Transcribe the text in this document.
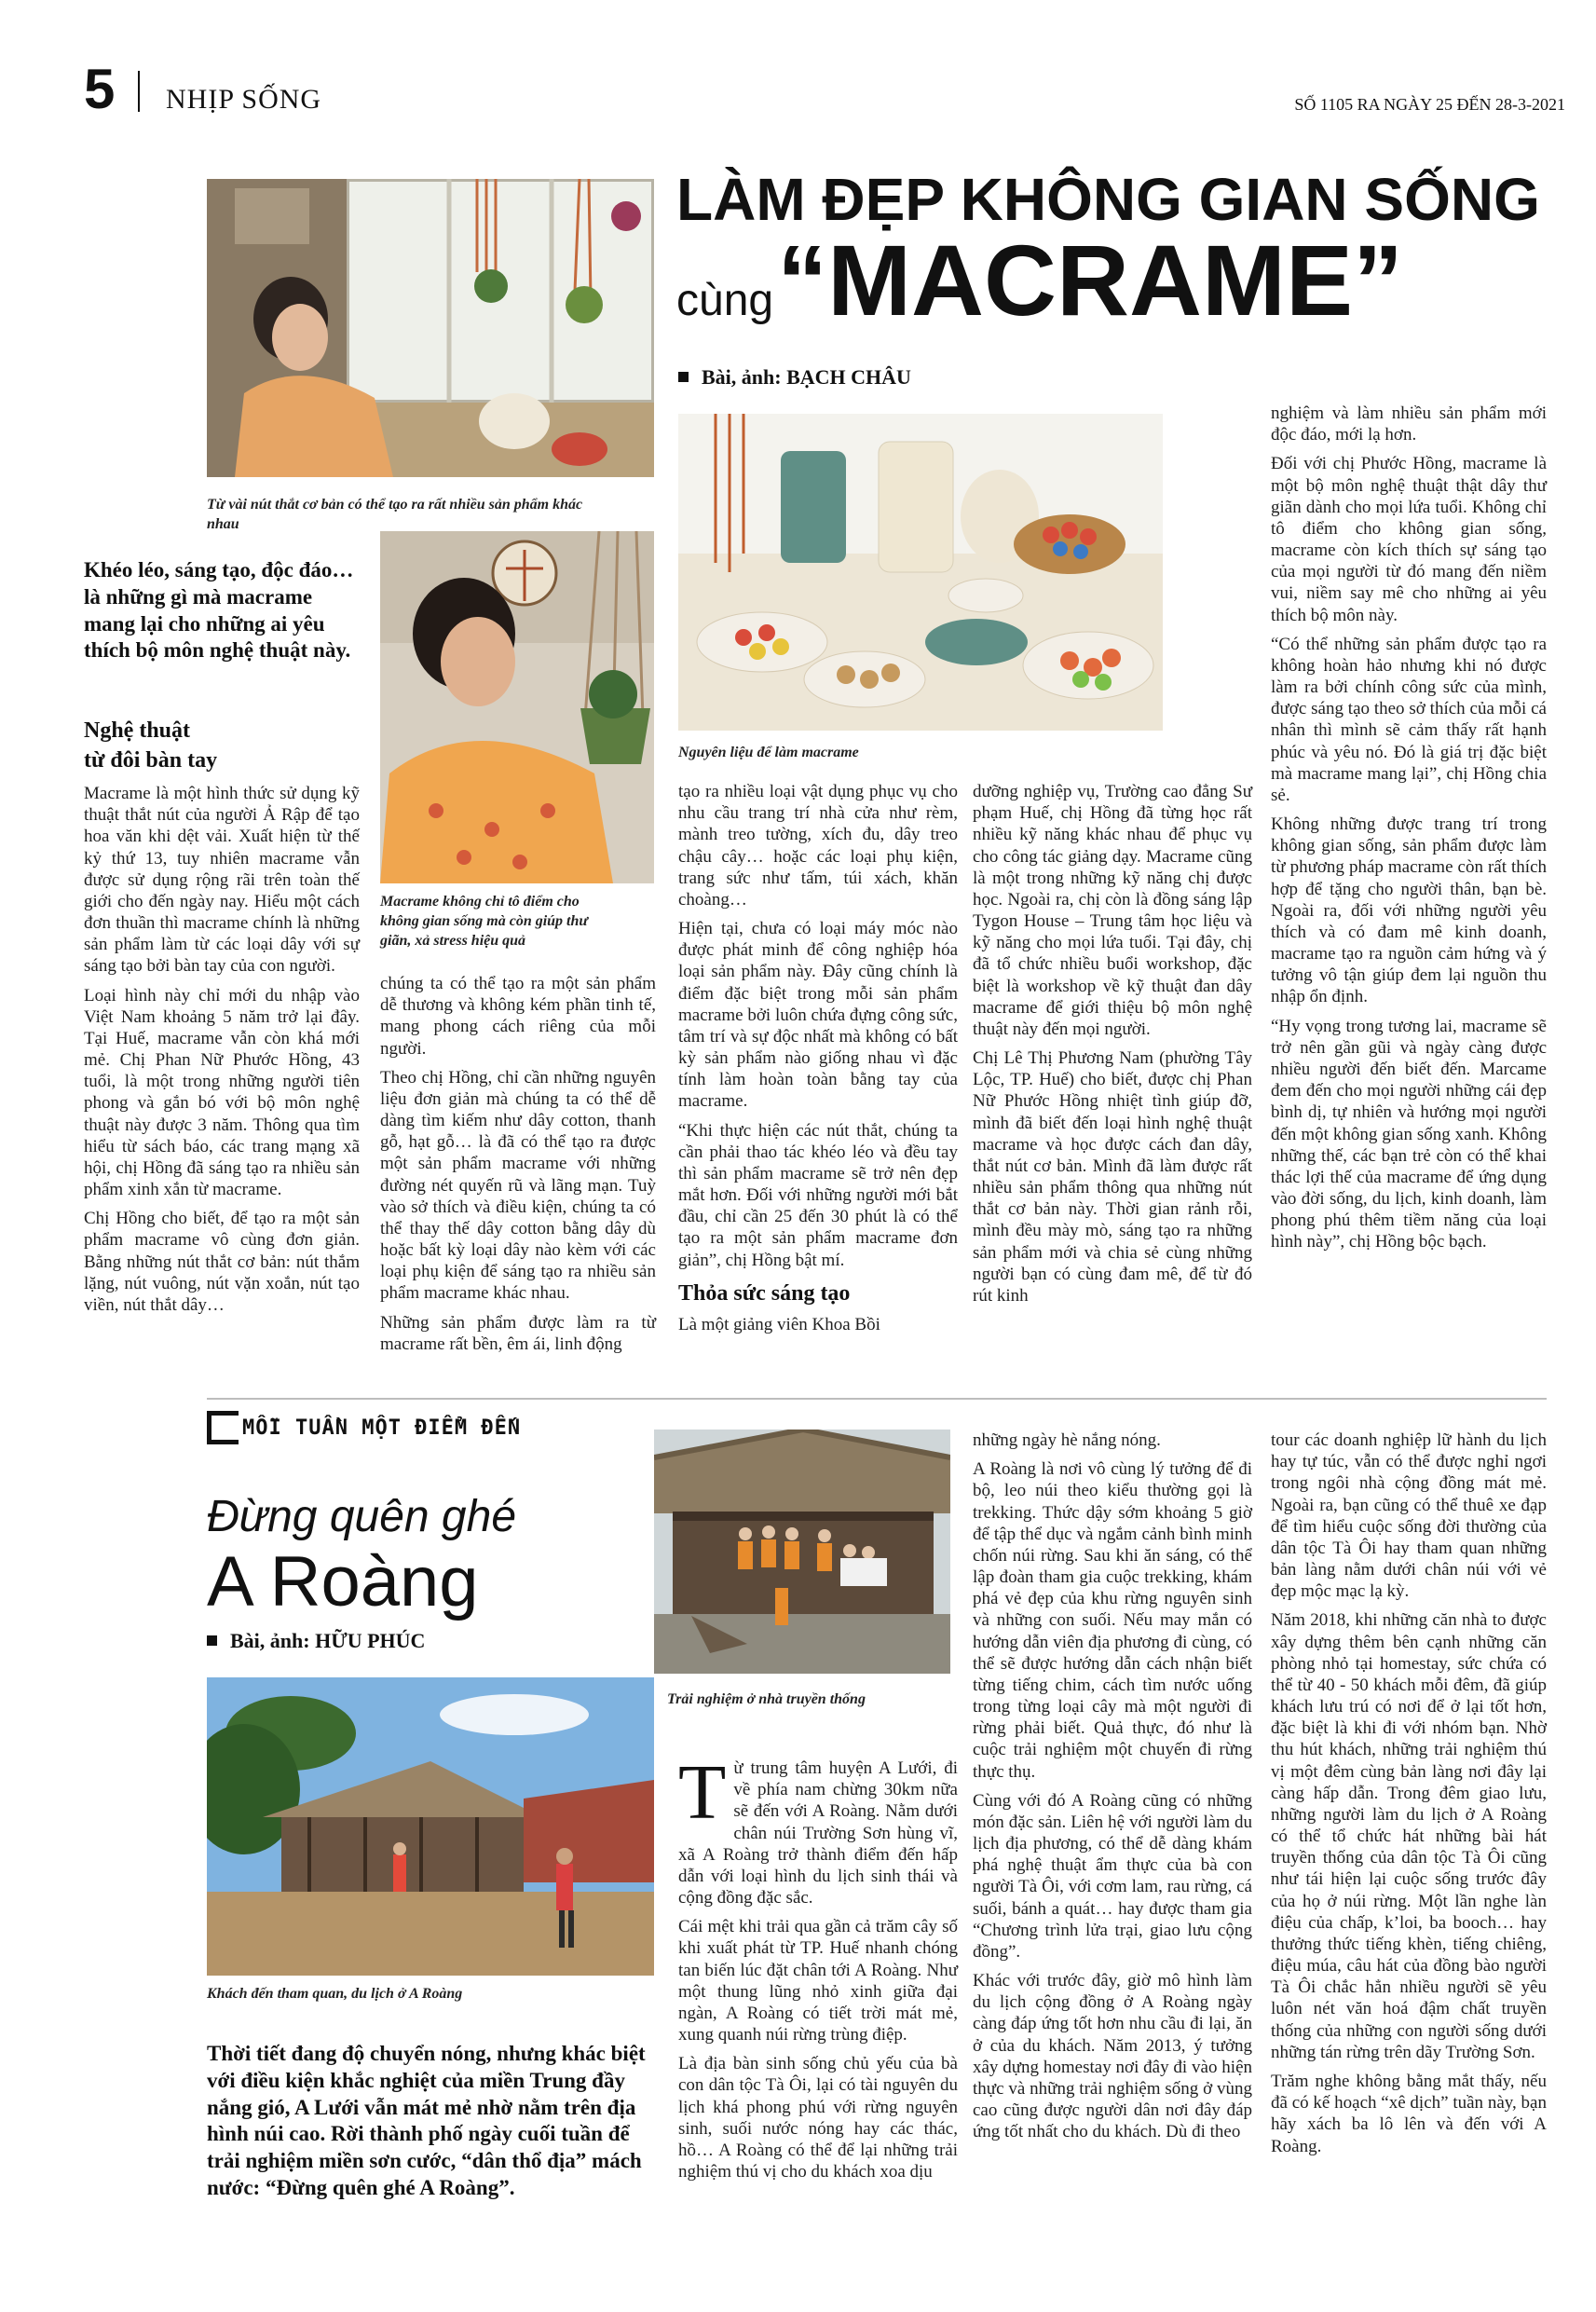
5 NHỊP SỐNG	SỐ 1105 RA NGÀY 25 ĐẾN 28-3-2021
LÀM ĐẸP KHÔNG GIAN SỐNG
cùng “MACRAME”
Bài, ảnh: BẠCH CHÂU
Từ vài nút thắt cơ bản có thể tạo ra rất nhiều sản phẩm khác nhau
Khéo léo, sáng tạo, độc đáo… là những gì mà macrame mang lại cho những ai yêu thích bộ môn nghệ thuật này.
Macrame không chỉ tô điểm cho không gian sống mà còn giúp thư giãn, xả stress hiệu quả
Nghệ thuật
từ đôi bàn tay

Macrame là một hình thức sử dụng kỹ thuật thắt nút của người Ả Rập để tạo hoa văn khi dệt vải. Xuất hiện từ thế kỷ thứ 13, tuy nhiên macrame vẫn được sử dụng rộng rãi trên toàn thế giới cho đến ngày nay. Hiểu một cách đơn thuần thì macrame chính là những sản phẩm làm từ các loại dây với sự sáng tạo bởi bàn tay của con người.

Loại hình này chỉ mới du nhập vào Việt Nam khoảng 5 năm trở lại đây. Tại Huế, macrame vẫn còn khá mới mẻ. Chị Phan Nữ Phước Hồng, 43 tuổi, là một trong những người tiên phong và gắn bó với bộ môn nghệ thuật này được 3 năm. Thông qua tìm hiểu từ sách báo, các trang mạng xã hội, chị Hồng đã sáng tạo ra nhiều sản phẩm xinh xắn từ macrame.

Chị Hồng cho biết, để tạo ra một sản phẩm macrame vô cùng đơn giản. Bằng những nút thắt cơ bản: nút thắm lặng, nút vuông, nút vặn xoắn, nút tạo viền, nút thắt dây…

chúng ta có thể tạo ra một sản phẩm dễ thương và không kém phần tinh tế, mang phong cách riêng của mỗi người.

Theo chị Hồng, chỉ cần những nguyên liệu đơn giản mà chúng ta có thể dễ dàng tìm kiếm như dây cotton, thanh gỗ, hạt gỗ… là đã có thể tạo ra được một sản phẩm macrame với những đường nét quyến rũ và lãng mạn. Tuỳ vào sở thích và điều kiện, chúng ta có thể thay thế dây cotton bằng dây dù hoặc bất kỳ loại dây nào kèm với các loại phụ kiện để sáng tạo ra nhiều sản phẩm macrame khác nhau.

Những sản phẩm được làm ra từ macrame rất bền, êm ái, linh động

Nguyên liệu để làm macrame

tạo ra nhiều loại vật dụng phục vụ cho nhu cầu trang trí nhà cửa như rèm, mành treo tường, xích đu, dây treo chậu cây… hoặc các loại phụ kiện, trang sức như tấm, túi xách, khăn choàng…

Hiện tại, chưa có loại máy móc nào được phát minh để công nghiệp hóa loại sản phẩm này. Đây cũng chính là điểm đặc biệt trong mỗi sản phẩm macrame bởi luôn chứa đựng công sức, tâm trí và sự độc nhất mà không có bất kỳ sản phẩm nào giống nhau vì đặc tính làm hoàn toàn bằng tay của macrame.

“Khi thực hiện các nút thắt, chúng ta cần phải thao tác khéo léo và đều tay thì sản phẩm macrame sẽ trở nên đẹp mắt hơn. Đối với những người mới bắt đầu, chỉ cần 25 đến 30 phút là có thể tạo ra một sản phẩm macrame đơn giản”, chị Hồng bật mí.

Thỏa sức sáng tạo

Là một giảng viên Khoa Bồi

dưỡng nghiệp vụ, Trường cao đẳng Sư phạm Huế, chị Hồng đã từng học rất nhiều kỹ năng khác nhau để phục vụ cho công tác giảng dạy. Macrame cũng là một trong những kỹ năng chị được học. Ngoài ra, chị còn là đồng sáng lập Tygon House – Trung tâm học liệu và kỹ năng cho mọi lứa tuổi. Tại đây, chị đã tổ chức nhiều buổi workshop, đặc biệt là workshop về kỹ thuật đan dây macrame để giới thiệu bộ môn nghệ thuật này đến mọi người.

Chị Lê Thị Phương Nam (phường Tây Lộc, TP. Huế) cho biết, được chị Phan Nữ Phước Hồng nhiệt tình giúp đỡ, mình đã biết đến loại hình nghệ thuật macrame và học được cách đan dây, thắt nút cơ bản. Mình đã làm được rất nhiều sản phẩm thông qua những nút thắt cơ bản này. Thời gian rảnh rỗi, mình đều mày mò, sáng tạo ra những sản phẩm mới và chia sẻ cùng những người bạn có cùng đam mê, để từ đó rút kinh

nghiệm và làm nhiều sản phẩm mới độc đáo, mới lạ hơn.

Đối với chị Phước Hồng, macrame là một bộ môn nghệ thuật thật dây thư giãn dành cho mọi lứa tuổi. Không chỉ tô điểm cho không gian sống, macrame còn kích thích sự sáng tạo của mọi người từ đó mang đến niềm vui, niềm say mê cho những ai yêu thích bộ môn này.

“Có thể những sản phẩm được tạo ra không hoàn hảo nhưng khi nó được làm ra bởi chính công sức của mình, được sáng tạo theo sở thích của mỗi cá nhân thì mình sẽ cảm thấy rất hạnh phúc và yêu nó. Đó là giá trị đặc biệt mà macrame mang lại”, chị Hồng chia sẻ.

Không những được trang trí trong không gian sống, sản phẩm được làm từ phương pháp macrame còn rất thích hợp để tặng cho người thân, bạn bè. Ngoài ra, đối với những người yêu thích và có đam mê kinh doanh, macrame tạo ra nguồn cảm hứng và ý tưởng vô tận giúp đem lại nguồn thu nhập ổn định.

“Hy vọng trong tương lai, macrame sẽ trở nên gần gũi và ngày càng được nhiều người đến biết đến. Marcame đem đến cho mọi người những cái đẹp bình dị, tự nhiên và hướng mọi người đến một không gian sống xanh. Không những thế, các bạn trẻ còn có thể khai thác lợi thế của macrame để ứng dụng vào đời sống, du lịch, kinh doanh, làm phong phú thêm tiềm năng của loại hình này”, chị Hồng bộc bạch.

MỖI TUẦN MỘT ĐIỂM ĐẾN
Đừng quên ghé
A Roàng
Bài, ảnh: HỮU PHÚC
Trải nghiệm ở nhà truyền thống
Khách đến tham quan, du lịch ở A Roàng
Thời tiết đang độ chuyển nóng, nhưng khác biệt với điều kiện khắc nghiệt của miền Trung đầy nắng gió, A Lưới vẫn mát mẻ nhờ nằm trên địa hình núi cao. Rời thành phố ngày cuối tuần để trải nghiệm miền sơn cước, “dân thổ địa” mách nước: “Đừng quên ghé A Roàng”.

Từ trung tâm huyện A Lưới, đi về phía nam chừng 30km nữa sẽ đến với A Roàng. Nằm dưới chân núi Trường Sơn hùng vĩ, xã A Roàng trở thành điểm đến hấp dẫn với loại hình du lịch sinh thái và cộng đồng đặc sắc.

Cái mệt khi trải qua gần cả trăm cây số khi xuất phát từ TP. Huế nhanh chóng tan biến lúc đặt chân tới A Roàng. Như một thung lũng nhỏ xinh giữa đại ngàn, A Roàng có tiết trời mát mẻ, xung quanh núi rừng trùng điệp.

Là địa bàn sinh sống chủ yếu của bà con dân tộc Tà Ôi, lại có tài nguyên du lịch khá phong phú với rừng nguyên sinh, suối nước nóng hay các thác, hồ… A Roàng có thể để lại những trải nghiệm thú vị cho du khách xoa dịu

những ngày hè nắng nóng.

A Roàng là nơi vô cùng lý tưởng để đi bộ, leo núi theo kiểu thường gọi là trekking. Thức dậy sớm khoảng 5 giờ để tập thể dục và ngắm cảnh bình minh chốn núi rừng. Sau khi ăn sáng, có thể lập đoàn tham gia cuộc trekking, khám phá vẻ đẹp của khu rừng nguyên sinh và những con suối. Nếu may mắn có hướng dẫn viên địa phương đi cùng, có thể sẽ được hướng dẫn cách nhận biết từng tiếng chim, cách tìm nước uống trong từng loại cây mà một người đi rừng phải biết. Quả thực, đó như là cuộc trải nghiệm một chuyến đi rừng thực thụ.

Cùng với đó A Roàng cũng có những món đặc sản. Liên hệ với người làm du lịch địa phương, có thể dễ dàng khám phá nghệ thuật ẩm thực của bà con người Tà Ôi, với cơm lam, rau rừng, cá suối, bánh a quát… hay được tham gia “Chương trình lửa trại, giao lưu cộng đồng”.

Khác với trước đây, giờ mô hình làm du lịch cộng đồng ở A Roàng ngày càng đáp ứng tốt hơn nhu cầu đi lại, ăn ở của du khách. Năm 2013, ý tưởng xây dựng homestay nơi đây đi vào hiện thực và những trải nghiệm sống ở vùng cao cũng được người dân nơi đây đáp ứng tốt nhất cho du khách. Dù đi theo

tour các doanh nghiệp lữ hành du lịch hay tự túc, vẫn có thể được nghỉ ngơi trong ngôi nhà cộng đồng mát mẻ. Ngoài ra, bạn cũng có thể thuê xe đạp để tìm hiểu cuộc sống đời thường của dân tộc Tà Ôi hay tham quan những bản làng nằm dưới chân núi với vẻ đẹp mộc mạc lạ kỳ.

Năm 2018, khi những căn nhà to được xây dựng thêm bên cạnh những căn phòng nhỏ tại homestay, sức chứa có thể từ 40 - 50 khách mỗi đêm, đã giúp khách lưu trú có nơi để ở lại tốt hơn, đặc biệt là khi đi với nhóm bạn. Nhờ thu hút khách, những trải nghiệm thú vị một đêm cùng bản làng nơi đây lại càng hấp dẫn. Trong đêm giao lưu, những người làm du lịch ở A Roàng có thể tổ chức hát những bài hát truyền thống của dân tộc Tà Ôi cũng như tái hiện lại cuộc sống trước đây của họ ở núi rừng. Một lần nghe làn điệu của chấp, k’loi, ba booch… hay thưởng thức tiếng khèn, tiếng chiêng, điệu múa, câu hát của đồng bào người Tà Ôi chắc hẳn nhiều người sẽ yêu luôn nét văn hoá đậm chất truyền thống của những con người sống dưới những tán rừng trên dãy Trường Sơn.

Trăm nghe không bằng mắt thấy, nếu đã có kế hoạch “xê dịch” tuần này, bạn hãy xách ba lô lên và đến với A Roàng.
